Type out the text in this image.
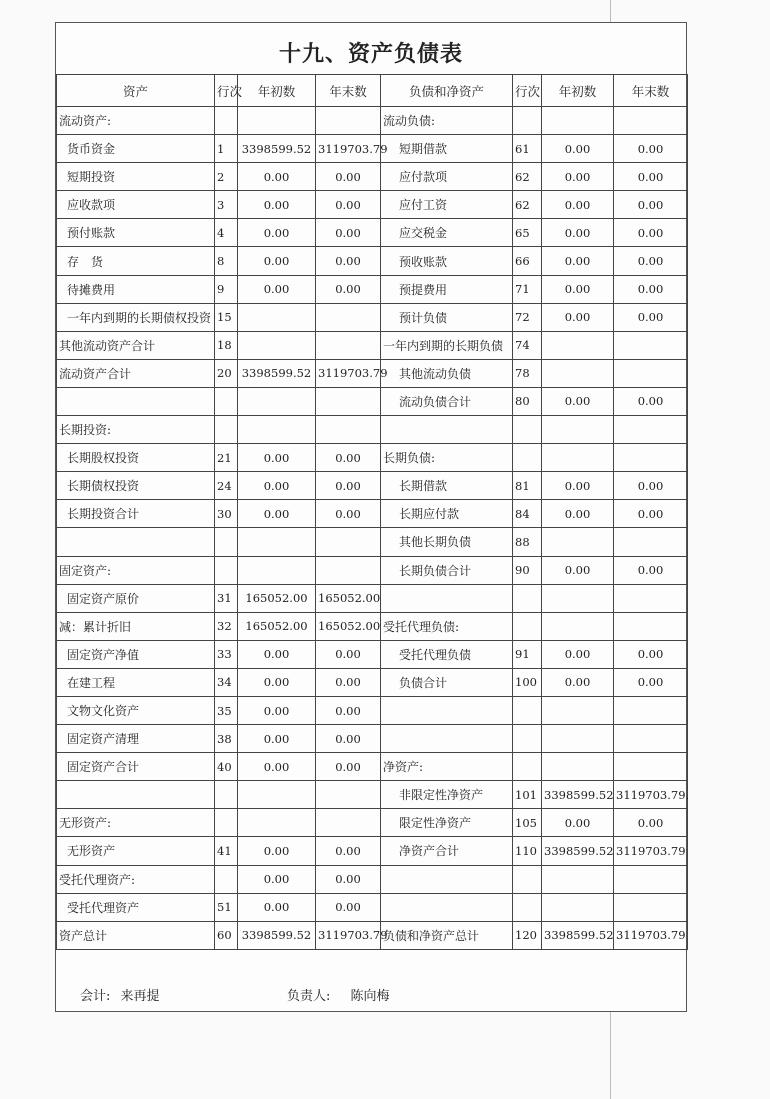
十九、资产负债表
资产	行次	年初数	年末数	负债和净资产	行次	年初数	年末数
流动资产:				流动负债:			
货币资金	1	3398599.52	3119703.79	短期借款	61	0.00	0.00
短期投资	2	0.00	0.00	应付款项	62	0.00	0.00
应收款项	3	0.00	0.00	应付工资	62	0.00	0.00
预付账款	4	0.00	0.00	应交税金	65	0.00	0.00
存　货	8	0.00	0.00	预收账款	66	0.00	0.00
待摊费用	9	0.00	0.00	预提费用	71	0.00	0.00
一年内到期的长期债权投资	15			预计负债	72	0.00	0.00
其他流动资产合计	18			一年内到期的长期负债	74		
流动资产合计	20	3398599.52	3119703.79	其他流动负债	78		
				流动负债合计	80	0.00	0.00
长期投资:							
长期股权投资	21	0.00	0.00	长期负债:			
长期债权投资	24	0.00	0.00	长期借款	81	0.00	0.00
长期投资合计	30	0.00	0.00	长期应付款	84	0.00	0.00
				其他长期负债	88		
固定资产:				长期负债合计	90	0.00	0.00
固定资产原价	31	165052.00	165052.00				
减：累计折旧	32	165052.00	165052.00	受托代理负债:			
固定资产净值	33	0.00	0.00	受托代理负债	91	0.00	0.00
在建工程	34	0.00	0.00	负债合计	100	0.00	0.00
文物文化资产	35	0.00	0.00				
固定资产清理	38	0.00	0.00				
固定资产合计	40	0.00	0.00	净资产:			
				非限定性净资产	101	3398599.52	3119703.79.
无形资产:				限定性净资产	105	0.00	0.00
无形资产	41	0.00	0.00	净资产合计	110	3398599.52	3119703.79
受托代理资产:		0.00	0.00				
受托代理资产	51	0.00	0.00				
资产总计	60	3398599.52	3119703.79	负债和净资产总计	120	3398599.52	3119703.79
会计: 来再提	负责人: 陈向梅
